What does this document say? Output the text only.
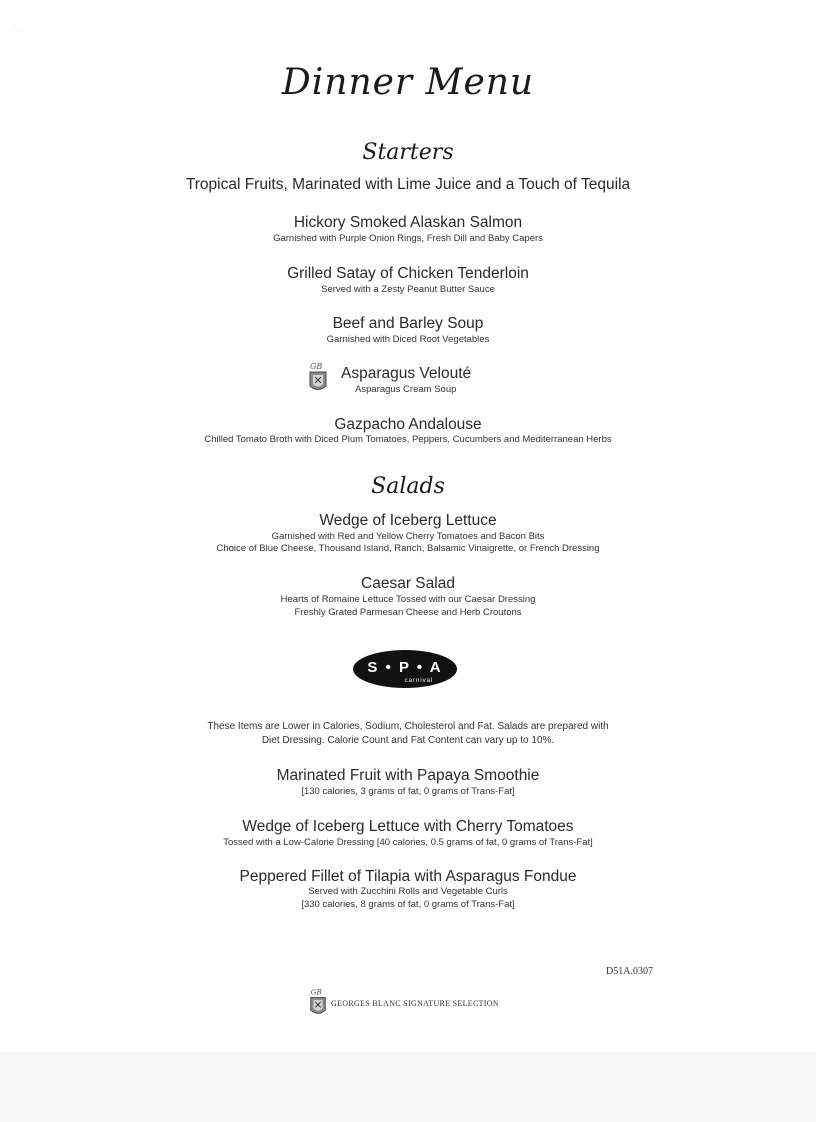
˙ .
Dinner Menu
Starters
Tropical Fruits, Marinated with Lime Juice and a Touch of Tequila
Hickory Smoked Alaskan Salmon
Garnished with Purple Onion Rings, Fresh Dill and Baby Capers
Grilled Satay of Chicken Tenderloin
Served with a Zesty Peanut Butter Sauce
Beef and Barley Soup
Garnished with Diced Root Vegetables
GB Asparagus Velouté
Asparagus Cream Soup
Gazpacho Andalouse
Chilled Tomato Broth with Diced Plum Tomatoes, Peppers, Cucumbers and Mediterranean Herbs
Salads
Wedge of Iceberg Lettuce
Garnished with Red and Yellow Cherry Tomatoes and Bacon Bits
Choice of Blue Cheese, Thousand Island, Ranch, Balsamic Vinaigrette, or French Dressing
Caesar Salad
Hearts of Romaine Lettuce Tossed with our Caesar Dressing
Freshly Grated Parmesan Cheese and Herb Croutons
S • P • A
carnival
These Items are Lower in Calories, Sodium, Cholesterol and Fat. Salads are prepared with
Diet Dressing. Calorie Count and Fat Content can vary up to 10%.
Marinated Fruit with Papaya Smoothie
[130 calories, 3 grams of fat, 0 grams of Trans-Fat]
Wedge of Iceberg Lettuce with Cherry Tomatoes
Tossed with a Low-Calorie Dressing [40 calories, 0.5 grams of fat, 0 grams of Trans-Fat]
Peppered Fillet of Tilapia with Asparagus Fondue
Served with Zucchini Rolls and Vegetable Curls
[330 calories, 8 grams of fat, 0 grams of Trans-Fat]
D51A.0307
GB
GEORGES BLANC SIGNATURE SELECTION
